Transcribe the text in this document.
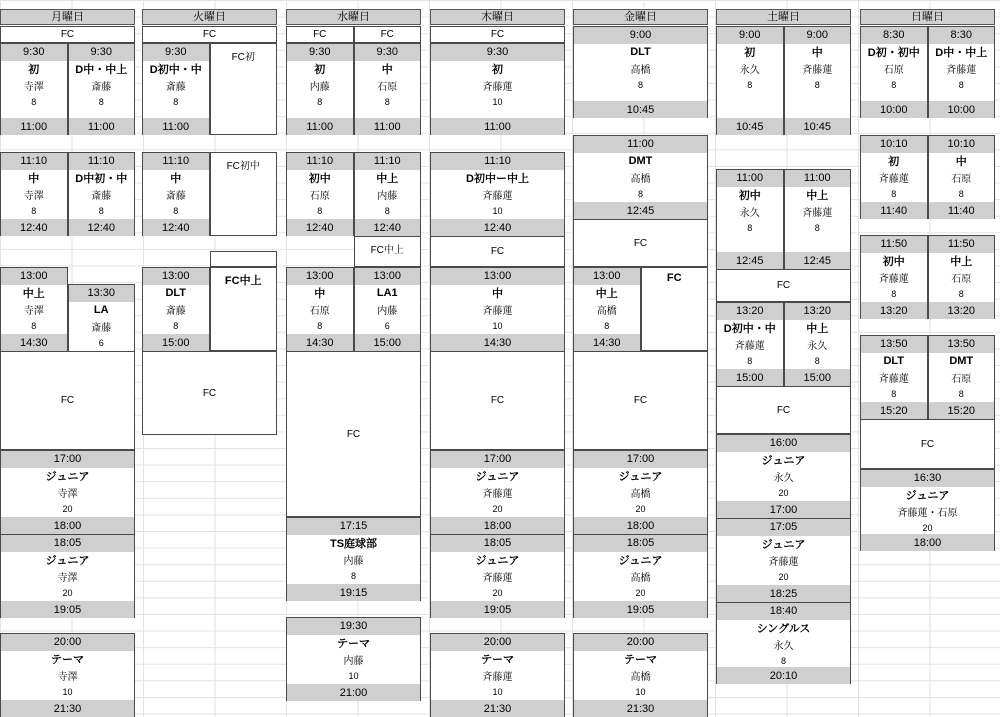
月曜日
FC
9:30
初
寺澤
8
11:00
9:30
D中・中上
斎藤
8
11:00
11:10
中
寺澤
8
12:40
11:10
D中初・中
斎藤
8
12:40
13:00
中上
寺澤
8
14:30
13:30
LA
斎藤
6
FC
17:00
ジュニア
寺澤
20
18:00
18:05
ジュニア
寺澤
20
19:05
20:00
テーマ
寺澤
10
21:30
火曜日
FC
9:30
D初中・中
斎藤
8
11:00
FC初
11:10
中
斎藤
8
12:40
FC初中
13:00
DLT
斎藤
8
15:00
FC中上
FC
水曜日
FC	FC
9:30
初
内藤
8
11:00
9:30
中
石原
8
11:00
11:10
初中
石原
8
12:40
11:10
中上
内藤
8
12:40
FC中上
13:00
中
石原
8
14:30
13:00
LA1
内藤
6
15:00
FC
17:15
TS庭球部
内藤
8
19:15
19:30
テーマ
内藤
10
21:00
木曜日
FC
9:30
初
斉藤蓮
10
11:00
11:10
D初中ー中上
斉藤蓮
10
12:40
FC
13:00
中
斉藤蓮
10
14:30
FC
17:00
ジュニア
斉藤蓮
20
18:00
18:05
ジュニア
斉藤蓮
20
19:05
20:00
テーマ
斉藤蓮
10
21:30
金曜日
9:00
DLT
高橋
8
10:45
11:00
DMT
高橋
8
12:45
FC
13:00
中上
高橋
8
14:30
FC
FC
17:00
ジュニア
高橋
20
18:00
18:05
ジュニア
高橋
20
19:05
20:00
テーマ
高橋
10
21:30
土曜日
9:00
初
永久
8
10:45
9:00
中
斉藤蓮
8
10:45
11:00
初中
永久
8
12:45
11:00
中上
斉藤蓮
8
12:45
FC
13:20
D初中・中
斉藤蓮
8
15:00
13:20
中上
永久
8
15:00
FC
16:00
ジュニア
永久
20
17:00
17:05
ジュニア
斉藤蓮
20
18:25
18:40
シングルス
永久
8
20:10
日曜日
8:30
D初・初中
石原
8
10:00
8:30
D中・中上
斉藤蓮
8
10:00
10:10
初
斉藤蓮
8
11:40
10:10
中
石原
8
11:40
11:50
初中
斉藤蓮
8
13:20
11:50
中上
石原
8
13:20
13:50
DLT
斉藤蓮
8
15:20
13:50
DMT
石原
8
15:20
FC
16:30
ジュニア
斉藤蓮・石原
20
18:00
